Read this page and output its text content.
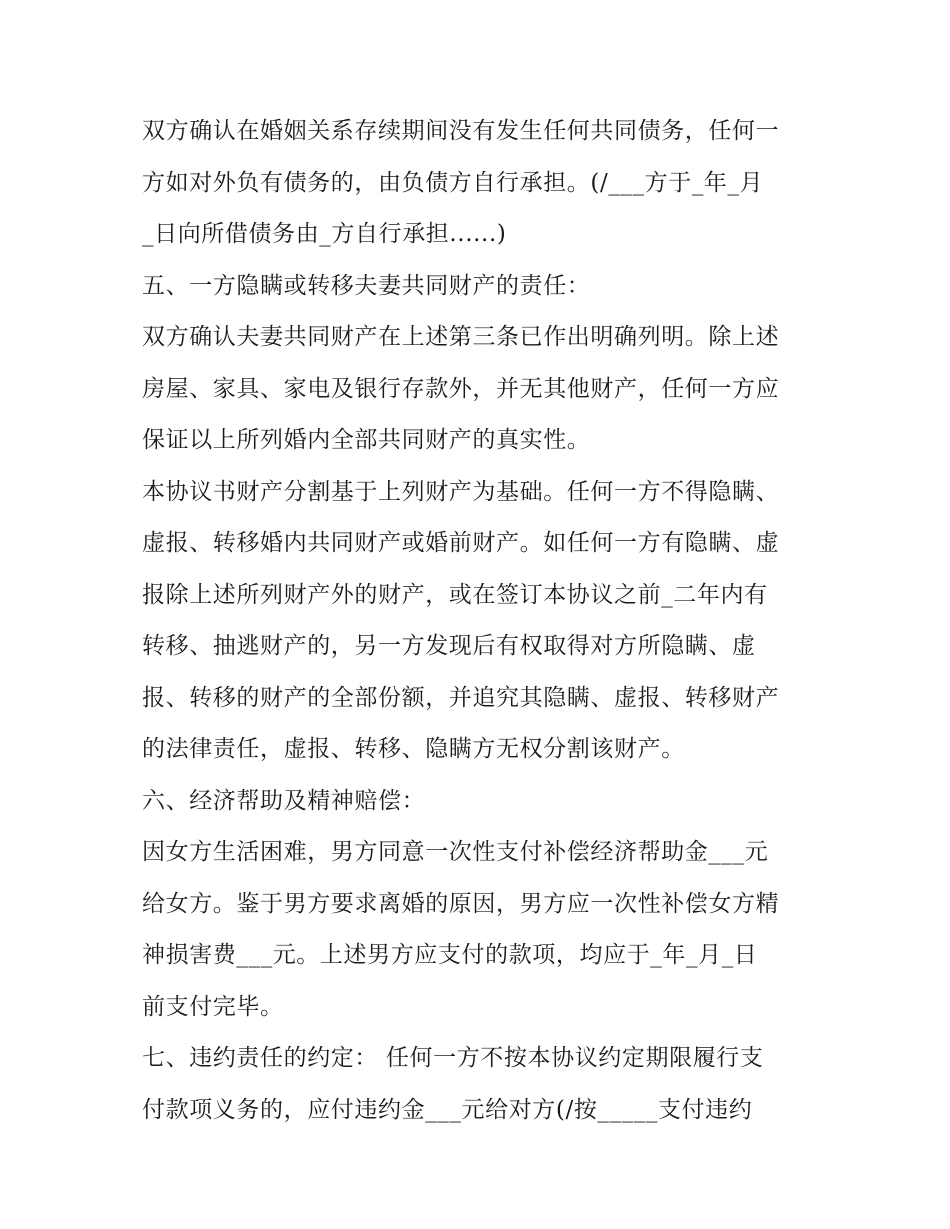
双方确认在婚姻关系存续期间没有发生任何共同债务，任何一
方如对外负有债务的，由负债方自行承担。(/___方于_年_月
_日向所借债务由_方自行承担......)
五、一方隐瞒或转移夫妻共同财产的责任：
双方确认夫妻共同财产在上述第三条已作出明确列明。除上述
房屋、家具、家电及银行存款外，并无其他财产，任何一方应
保证以上所列婚内全部共同财产的真实性。
本协议书财产分割基于上列财产为基础。任何一方不得隐瞒、
虚报、转移婚内共同财产或婚前财产。如任何一方有隐瞒、虚
报除上述所列财产外的财产，或在签订本协议之前_二年内有
转移、抽逃财产的，另一方发现后有权取得对方所隐瞒、虚
报、转移的财产的全部份额，并追究其隐瞒、虚报、转移财产
的法律责任，虚报、转移、隐瞒方无权分割该财产。
六、经济帮助及精神赔偿：
因女方生活困难，男方同意一次性支付补偿经济帮助金___元
给女方。鉴于男方要求离婚的原因，男方应一次性补偿女方精
神损害费___元。上述男方应支付的款项，均应于_年_月_日
前支付完毕。
七、违约责任的约定： 任何一方不按本协议约定期限履行支
付款项义务的，应付违约金___元给对方(/按_____支付违约
